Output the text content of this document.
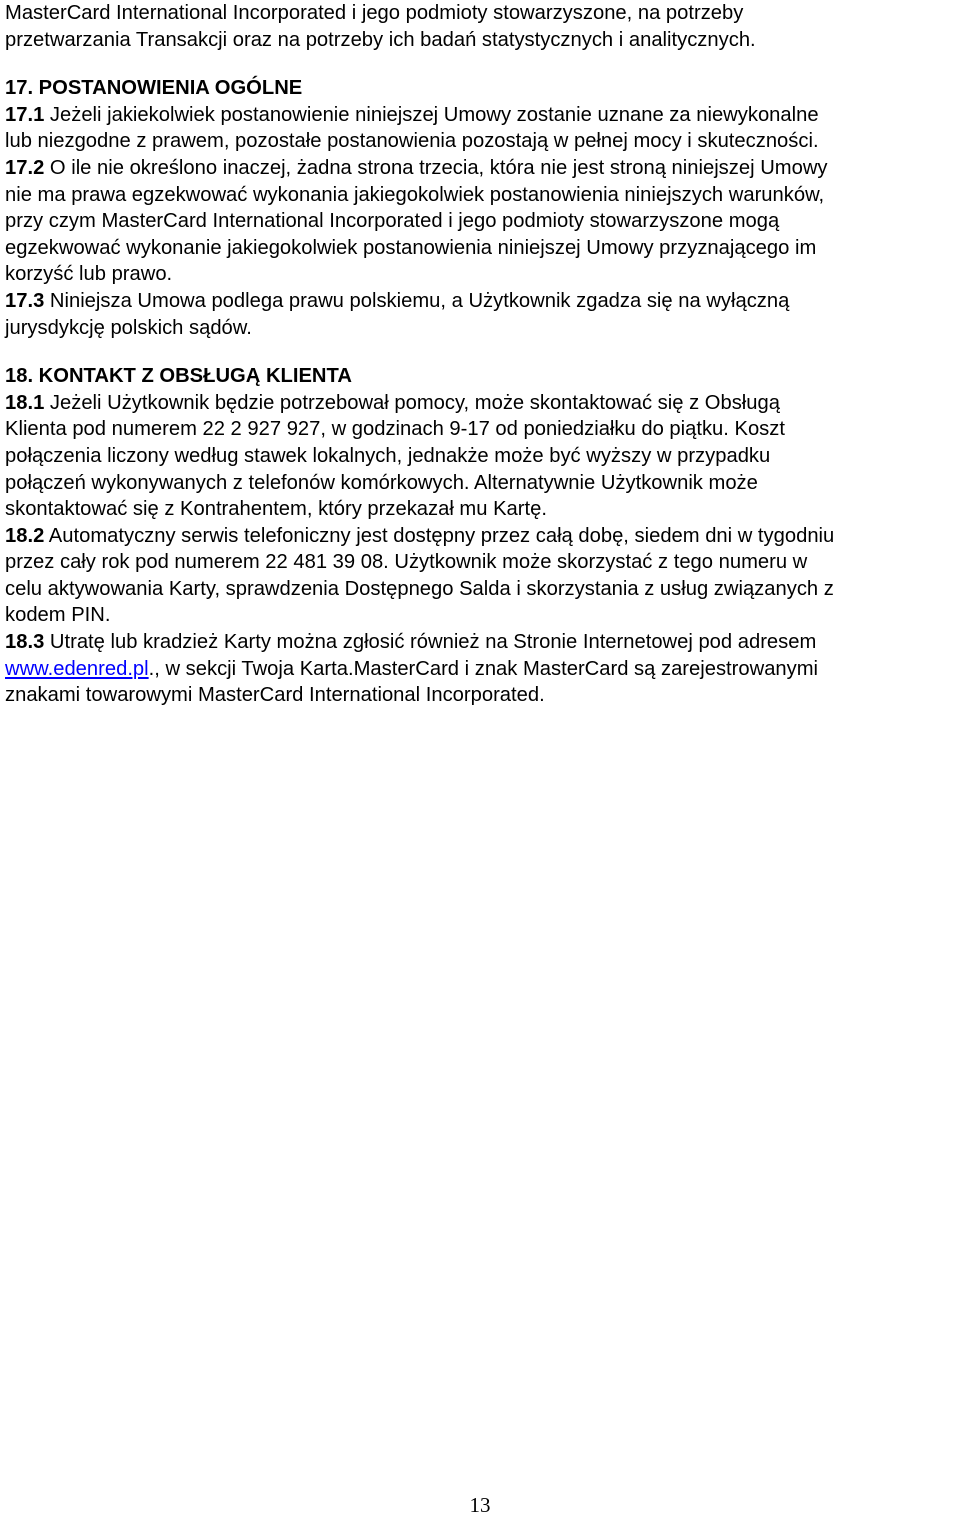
MasterCard International Incorporated i jego podmioty stowarzyszone, na potrzeby
przetwarzania Transakcji oraz na potrzeby ich badań statystycznych i analitycznych.
17. POSTANOWIENIA OGÓLNE
17.1 Jeżeli jakiekolwiek postanowienie niniejszej Umowy zostanie uznane za niewykonalne
lub niezgodne z prawem, pozostałe postanowienia pozostają w pełnej mocy i skuteczności.
17.2 O ile nie określono inaczej, żadna strona trzecia, która nie jest stroną niniejszej Umowy
nie ma prawa egzekwować wykonania jakiegokolwiek postanowienia niniejszych warunków,
przy czym MasterCard International Incorporated i jego podmioty stowarzyszone mogą
egzekwować wykonanie jakiegokolwiek postanowienia niniejszej Umowy przyznającego im
korzyść lub prawo.
17.3 Niniejsza Umowa podlega prawu polskiemu, a Użytkownik zgadza się na wyłączną
jurysdykcję polskich sądów.
18. KONTAKT Z OBSŁUGĄ KLIENTA
18.1 Jeżeli Użytkownik będzie potrzebował pomocy, może skontaktować się z Obsługą
Klienta pod numerem 22 2 927 927, w godzinach 9-17 od poniedziałku do piątku. Koszt
połączenia liczony według stawek lokalnych, jednakże może być wyższy w przypadku
połączeń wykonywanych z telefonów komórkowych. Alternatywnie Użytkownik może
skontaktować się z Kontrahentem, który przekazał mu Kartę.
18.2 Automatyczny serwis telefoniczny jest dostępny przez całą dobę, siedem dni w tygodniu
przez cały rok pod numerem 22 481 39 08. Użytkownik może skorzystać z tego numeru w
celu aktywowania Karty, sprawdzenia Dostępnego Salda i skorzystania z usług związanych z
kodem PIN.
18.3 Utratę lub kradzież Karty można zgłosić również na Stronie Internetowej pod adresem
www.edenred.pl., w sekcji Twoja Karta.MasterCard i znak MasterCard są zarejestrowanymi
znakami towarowymi MasterCard International Incorporated.
13
